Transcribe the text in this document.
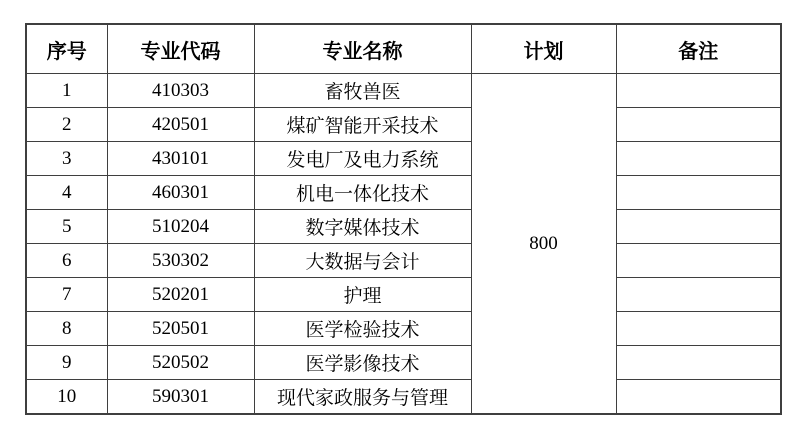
序号	专业代码	专业名称	计划	备注
1	410303	畜牧兽医	800	
2	420501	煤矿智能开采技术		
3	430101	发电厂及电力系统		
4	460301	机电一体化技术		
5	510204	数字媒体技术		
6	530302	大数据与会计		
7	520201	护理		
8	520501	医学检验技术		
9	520502	医学影像技术		
10	590301	现代家政服务与管理		
